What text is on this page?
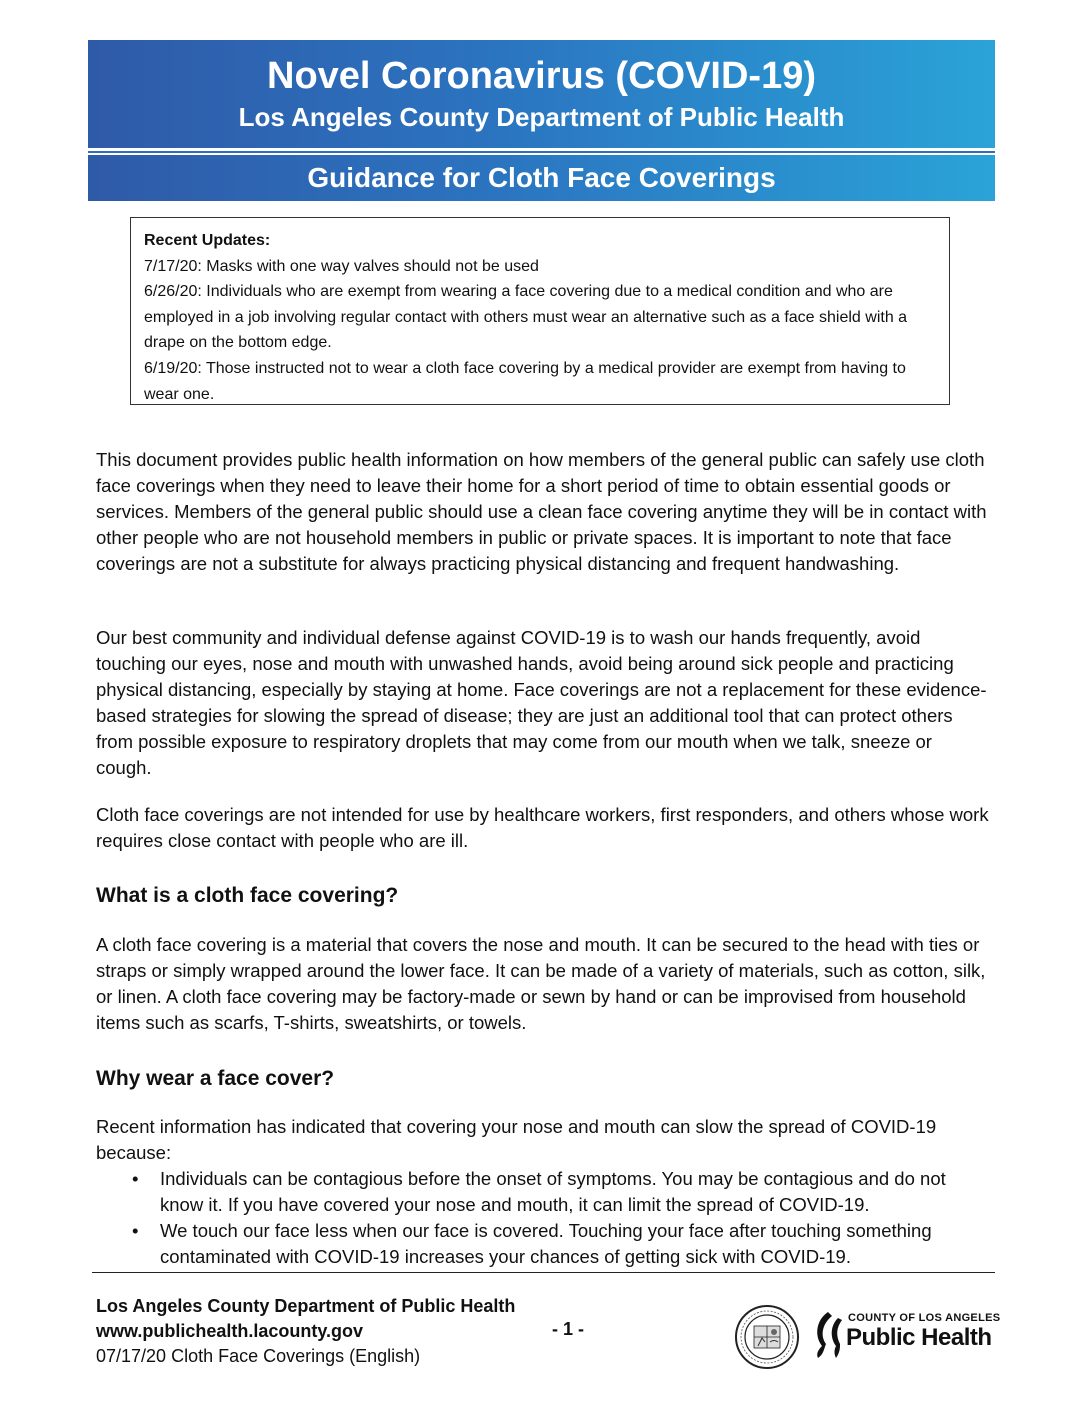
Novel Coronavirus (COVID-19)
Los Angeles County Department of Public Health
Guidance for Cloth Face Coverings
Recent Updates:
7/17/20: Masks with one way valves should not be used
6/26/20: Individuals who are exempt from wearing a face covering due to a medical condition and who are employed in a job involving regular contact with others must wear an alternative such as a face shield with a drape on the bottom edge.
6/19/20: Those instructed not to wear a cloth face covering by a medical provider are exempt from having to wear one.
This document provides public health information on how members of the general public can safely use cloth face coverings when they need to leave their home for a short period of time to obtain essential goods or services. Members of the general public should use a clean face covering anytime they will be in contact with other people who are not household members in public or private spaces. It is important to note that face coverings are not a substitute for always practicing physical distancing and frequent handwashing.
Our best community and individual defense against COVID-19 is to wash our hands frequently, avoid touching our eyes, nose and mouth with unwashed hands, avoid being around sick people and practicing physical distancing, especially by staying at home. Face coverings are not a replacement for these evidence-based strategies for slowing the spread of disease; they are just an additional tool that can protect others from possible exposure to respiratory droplets that may come from our mouth when we talk, sneeze or cough.
Cloth face coverings are not intended for use by healthcare workers, first responders, and others whose work requires close contact with people who are ill.
What is a cloth face covering?
A cloth face covering is a material that covers the nose and mouth. It can be secured to the head with ties or straps or simply wrapped around the lower face. It can be made of a variety of materials, such as cotton, silk, or linen. A cloth face covering may be factory-made or sewn by hand or can be improvised from household items such as scarfs, T-shirts, sweatshirts, or towels.
Why wear a face cover?
Recent information has indicated that covering your nose and mouth can slow the spread of COVID-19 because:
• Individuals can be contagious before the onset of symptoms. You may be contagious and do not know it. If you have covered your nose and mouth, it can limit the spread of COVID-19.
• We touch our face less when our face is covered. Touching your face after touching something contaminated with COVID-19 increases your chances of getting sick with COVID-19.
Los Angeles County Department of Public Health
www.publichealth.lacounty.gov
07/17/20 Cloth Face Coverings (English)
- 1 -
COUNTY OF LOS ANGELES
Public Health
